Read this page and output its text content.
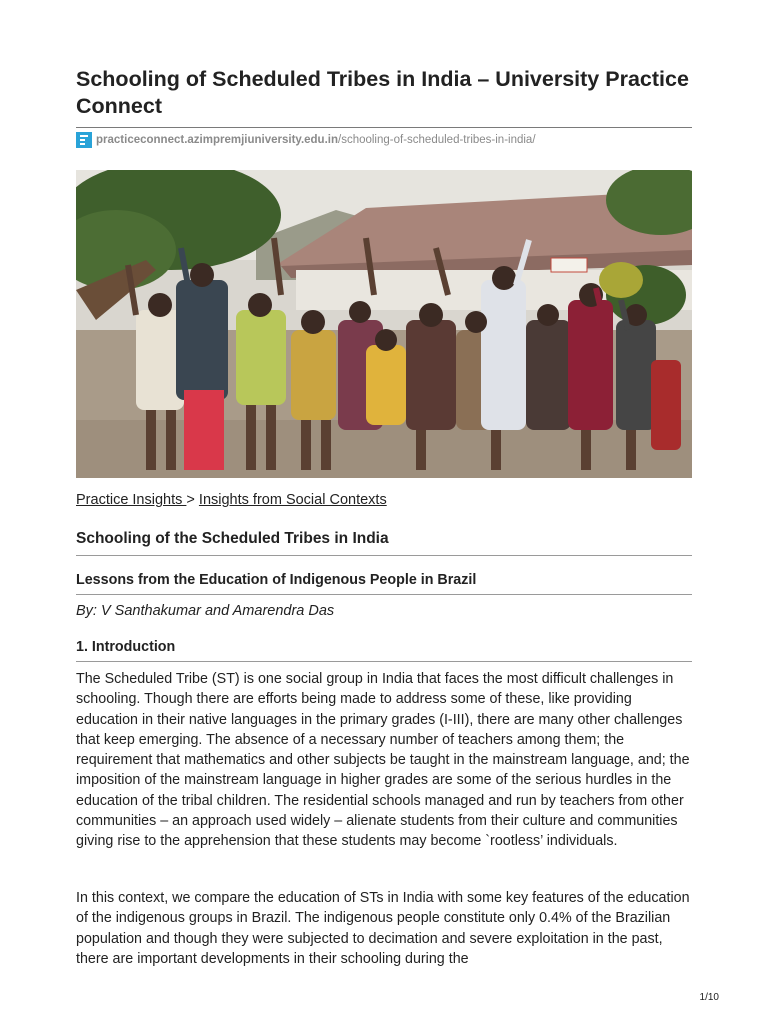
Schooling of Scheduled Tribes in India – University Practice Connect
practiceconnect.azimpremjiuniversity.edu.in /schooling-of-scheduled-tribes-in-india/
Practice Insights > Insights from Social Contexts
Schooling of the Scheduled Tribes in India
Lessons from the Education of Indigenous People in Brazil
By: V Santhakumar and Amarendra Das
1. Introduction

The Scheduled Tribe (ST) is one social group in India that faces the most difficult challenges in schooling. Though there are efforts being made to address some of these, like providing education in their native languages in the primary grades (I-III), there are many other challenges that keep emerging. The absence of a necessary number of teachers among them; the requirement that mathematics and other subjects be taught in the mainstream language, and; the imposition of the mainstream language in higher grades are some of the serious hurdles in the education of the tribal children. The residential schools managed and run by teachers from other communities – an approach used widely – alienate students from their culture and communities giving rise to the apprehension that these students may become `rootless’ individuals.

In this context, we compare the education of STs in India with some key features of the education of the indigenous groups in Brazil. The indigenous people constitute only 0.4% of the Brazilian population and though they were subjected to decimation and severe exploitation in the past, there are important developments in their schooling during the

1/10
